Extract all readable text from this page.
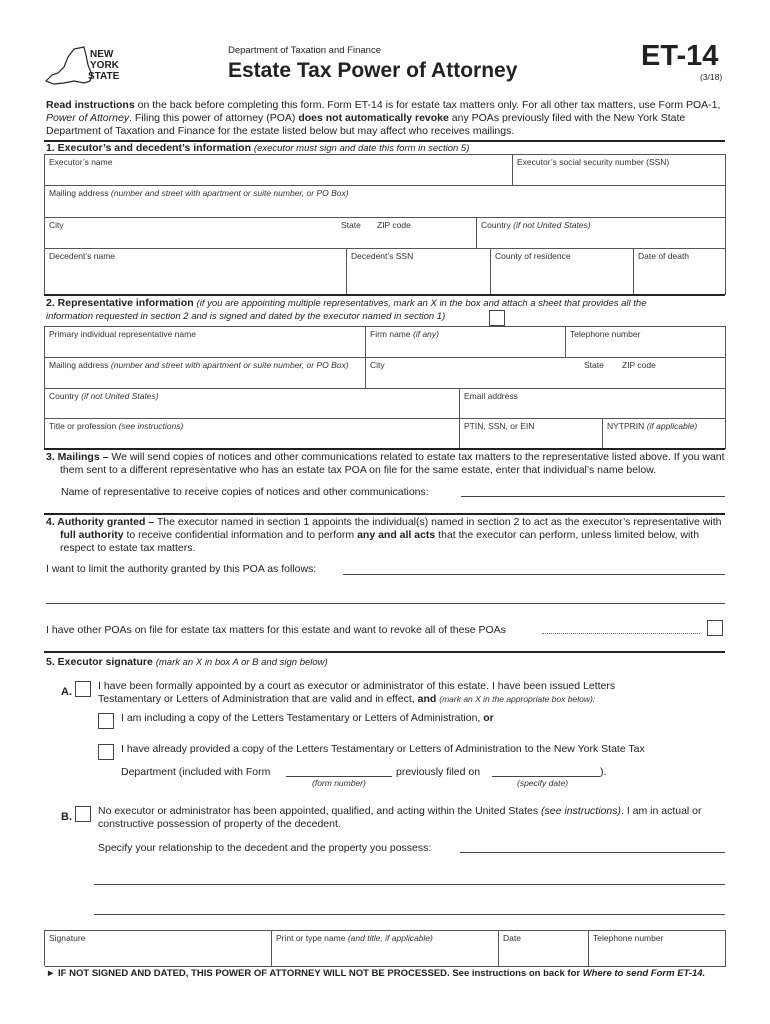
NEW
YORK
STATE
Department of Taxation and Finance
Estate Tax Power of Attorney	ET-14
(3/18)
Read instructions on the back before completing this form. Form ET-14 is for estate tax matters only. For all other tax matters, use Form POA-1, Power of Attorney. Filing this power of attorney (POA) does not automatically revoke any POAs previously filed with the New York State Department of Taxation and Finance for the estate listed below but may affect who receives mailings.
1. Executor’s and decedent’s information (executor must sign and date this form in section 5)
Executor’s name	Executor’s social security number (SSN)
Mailing address (number and street with apartment or suite number, or PO Box)
City	State ZIP code	Country (if not United States)
Decedent’s name	Decedent’s SSN	County of residence	Date of death
2. Representative information (if you are appointing multiple representatives, mark an X in the box and attach a sheet that provides all the information requested in section 2 and is signed and dated by the executor named in section 1)
Primary individual representative name	Firm name (if any)	Telephone number
Mailing address (number and street with apartment or suite number, or PO Box)	City	State ZIP code
Country (if not United States)	Email address
Title or profession (see instructions)	PTIN, SSN, or EIN	NYTPRIN (if applicable)
3. Mailings – We will send copies of notices and other communications related to estate tax matters to the representative listed above. If you want them sent to a different representative who has an estate tax POA on file for the same estate, enter that individual’s name below.
Name of representative to receive copies of notices and other communications:
4. Authority granted – The executor named in section 1 appoints the individual(s) named in section 2 to act as the executor’s representative with full authority to receive confidential information and to perform any and all acts that the executor can perform, unless limited below, with respect to estate tax matters.
I want to limit the authority granted by this POA as follows:
I have other POAs on file for estate tax matters for this estate and want to revoke all of these POAs
5. Executor signature (mark an X in box A or B and sign below)
A. I have been formally appointed by a court as executor or administrator of this estate. I have been issued Letters Testamentary or Letters of Administration that are valid and in effect, and (mark an X in the appropriate box below):
I am including a copy of the Letters Testamentary or Letters of Administration, or
I have already provided a copy of the Letters Testamentary or Letters of Administration to the New York State Tax
Department (included with Form
(form number)
previously filed on
(specify date)
).
B. No executor or administrator has been appointed, qualified, and acting within the United States (see instructions). I am in actual or constructive possession of property of the decedent.
Specify your relationship to the decedent and the property you possess:
Signature	Print or type name (and title, if applicable)	Date	Telephone number
► IF NOT SIGNED AND DATED, THIS POWER OF ATTORNEY WILL NOT BE PROCESSED. See instructions on back for Where to send Form ET-14.
